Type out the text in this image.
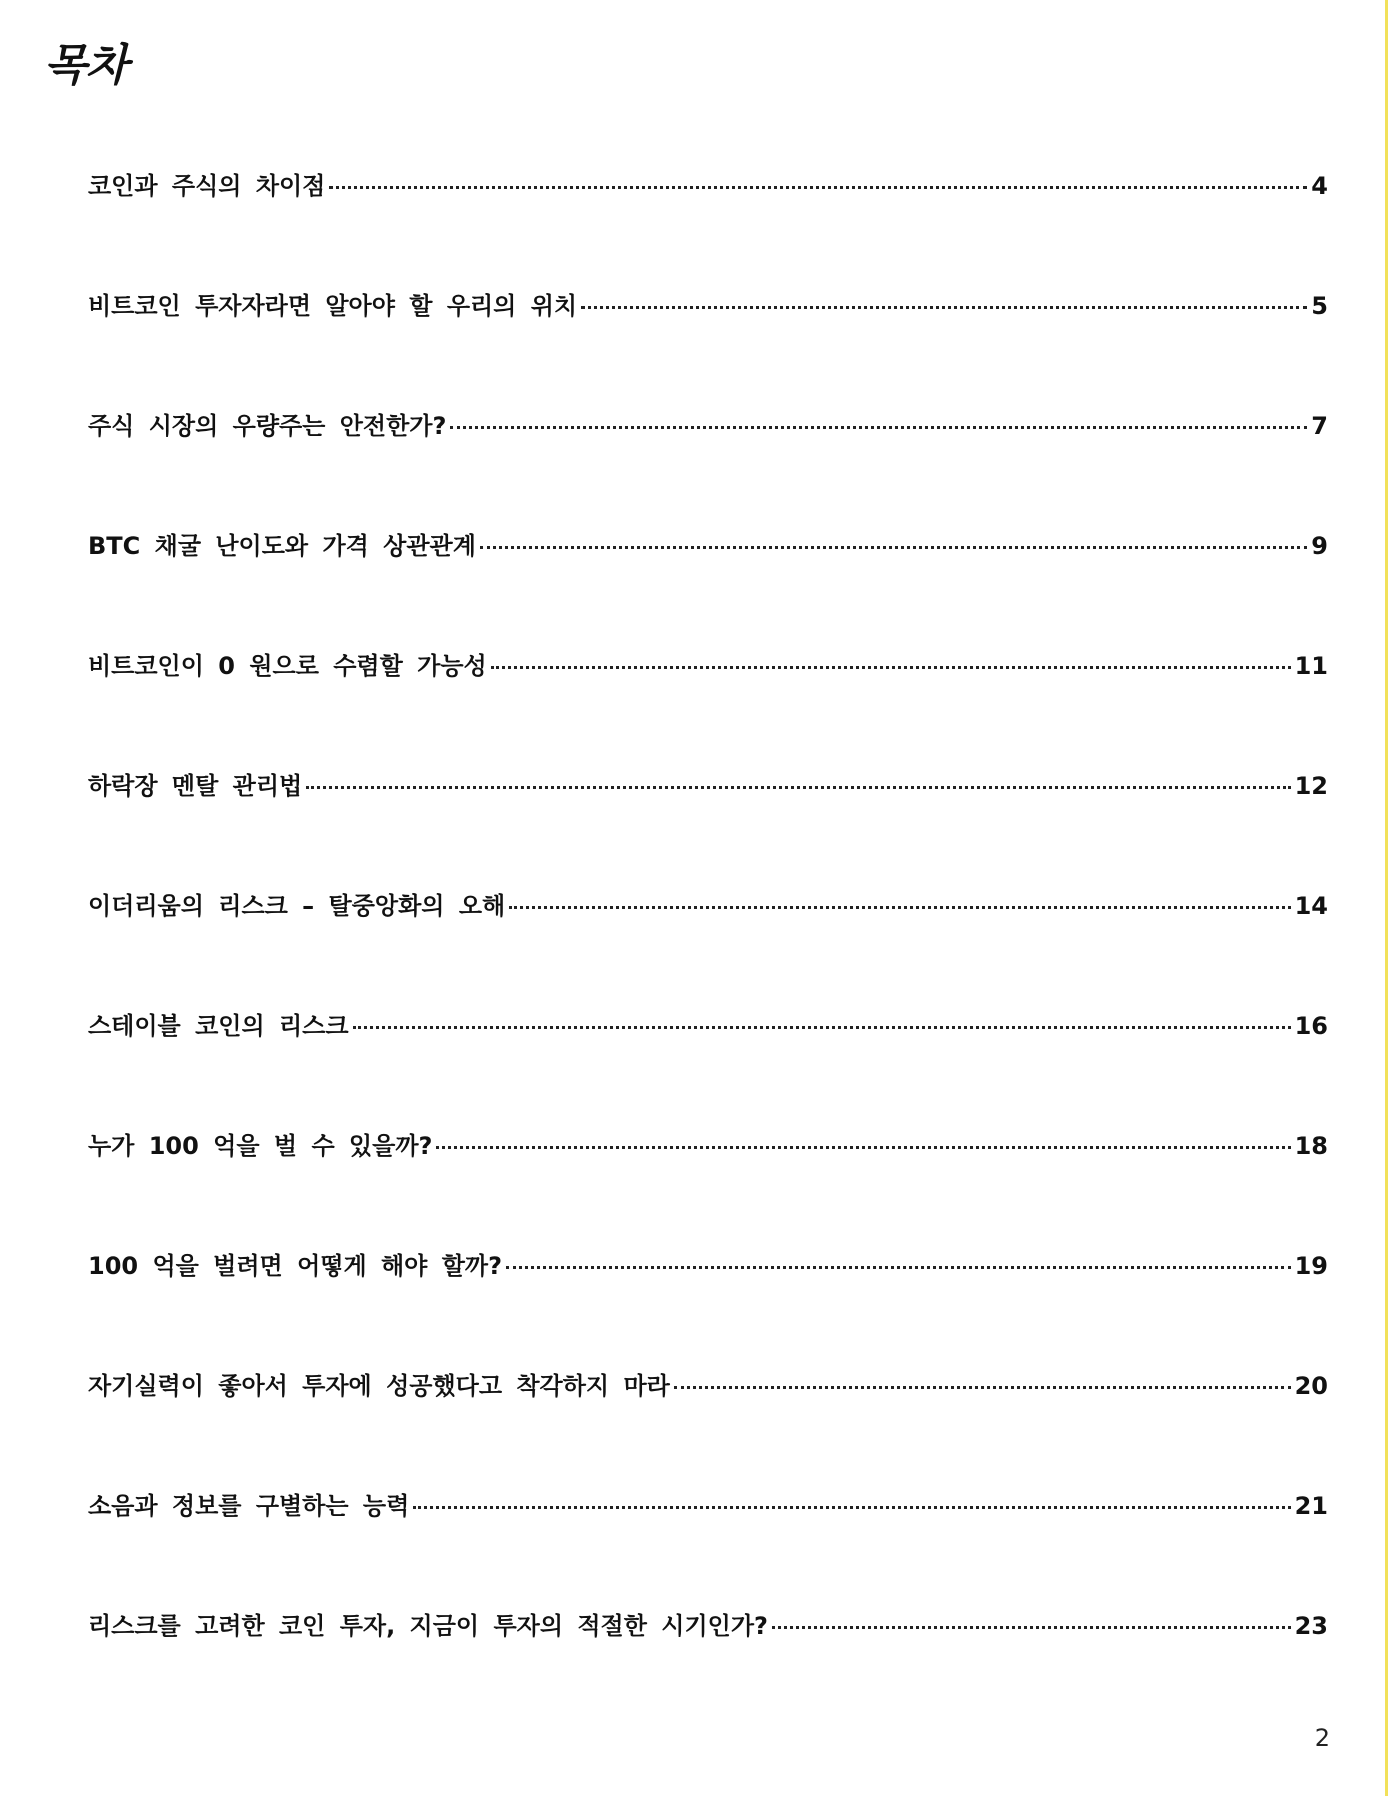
목차
코인과 주식의 차이점	4
비트코인 투자자라면 알아야 할 우리의 위치	5
주식 시장의 우량주는 안전한가?	7
BTC 채굴 난이도와 가격 상관관계	9
비트코인이 0 원으로 수렴할 가능성	11
하락장 멘탈 관리법	12
이더리움의 리스크 – 탈중앙화의 오해	14
스테이블 코인의 리스크	16
누가 100 억을 벌 수 있을까?	18
100 억을 벌려면 어떻게 해야 할까?	19
자기실력이 좋아서 투자에 성공했다고 착각하지 마라	20
소음과 정보를 구별하는 능력	21
리스크를 고려한 코인 투자, 지금이 투자의 적절한 시기인가?	23
2
